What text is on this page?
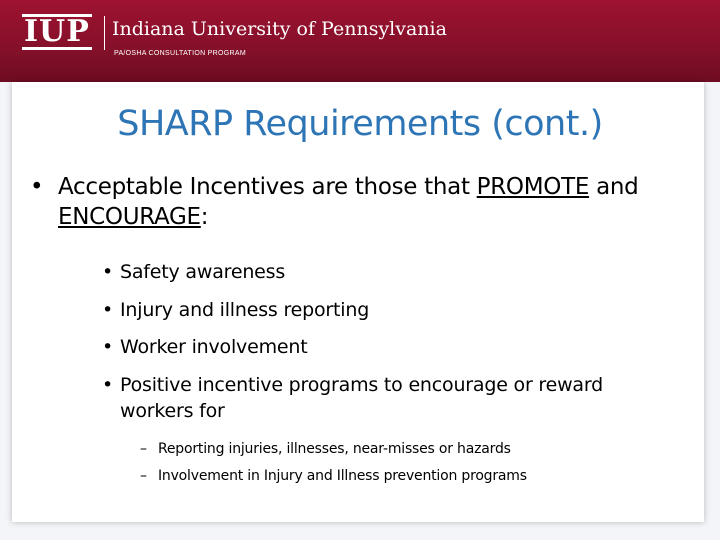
IUP Indiana University of Pennsylvania
PA/OSHA CONSULTATION PROGRAM
SHARP Requirements (cont.)
• Acceptable Incentives are those that PROMOTE and ENCOURAGE:
• Safety awareness
• Injury and illness reporting
• Worker involvement
• Positive incentive programs to encourage or reward workers for
– Reporting injuries, illnesses, near-misses or hazards
– Involvement in Injury and Illness prevention programs
